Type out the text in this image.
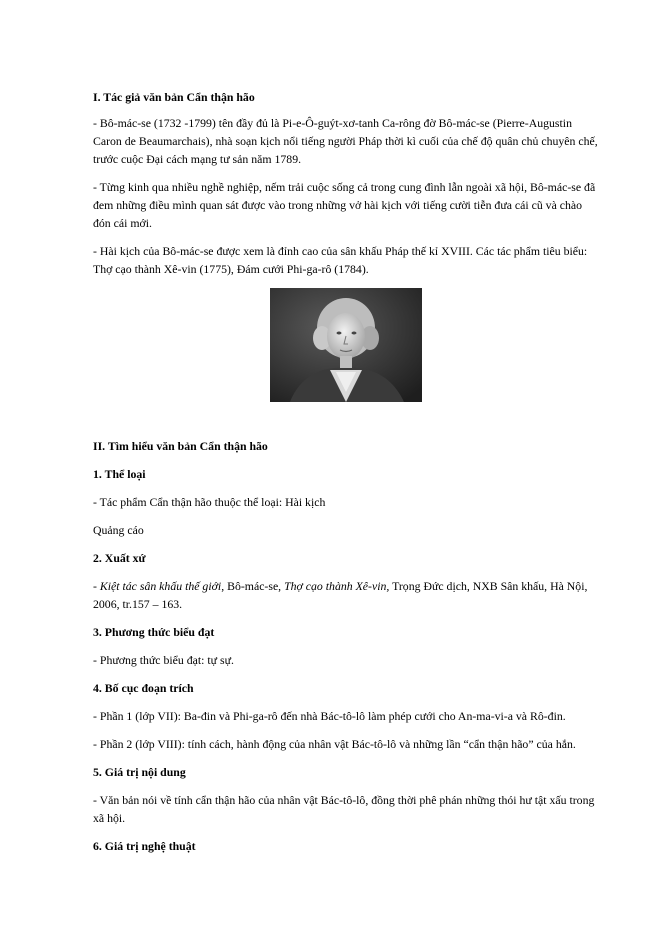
I. Tác giả văn bản Cẩn thận hão

- Bô-mác-se (1732 -1799) tên đầy đủ là Pi-e-Ô-guýt-xơ-tanh Ca-rông đờ Bô-mác-se (Pierre-Augustin Caron de Beaumarchais), nhà soạn kịch nổi tiếng người Pháp thời kì cuối của chế độ quân chủ chuyên chế, trước cuộc Đại cách mạng tư sản năm 1789.

- Từng kinh qua nhiều nghề nghiệp, nếm trải cuộc sống cả trong cung đình lẫn ngoài xã hội, Bô-mác-se đã đem những điều mình quan sát được vào trong những vở hài kịch với tiếng cười tiễn đưa cái cũ và chào đón cái mới.

- Hài kịch của Bô-mác-se được xem là đỉnh cao của sân khấu Pháp thế kỉ XVIII. Các tác phẩm tiêu biểu: Thợ cạo thành Xê-vin (1775), Đám cưới Phi-ga-rô (1784).

II. Tìm hiểu văn bản Cẩn thận hão

1. Thể loại

- Tác phẩm Cẩn thận hão thuộc thể loại: Hài kịch

Quảng cáo

2. Xuất xứ

- Kiệt tác sân khấu thế giới, Bô-mác-se, Thợ cạo thành Xê-vin, Trọng Đức dịch, NXB Sân khấu, Hà Nội, 2006, tr.157 – 163.

3. Phương thức biểu đạt

- Phương thức biểu đạt: tự sự.

4. Bố cục đoạn trích

- Phần 1 (lớp VII): Ba-đin và Phi-ga-rô đến nhà Bác-tô-lô làm phép cưới cho An-ma-vi-a và Rô-đin.

- Phần 2 (lớp VIII): tính cách, hành động của nhân vật Bác-tô-lô và những lần “cẩn thận hão” của hắn.

5. Giá trị nội dung

- Văn bản nói về tính cẩn thận hão của nhân vật Bác-tô-lô, đồng thời phê phán những thói hư tật xấu trong xã hội.

6. Giá trị nghệ thuật
